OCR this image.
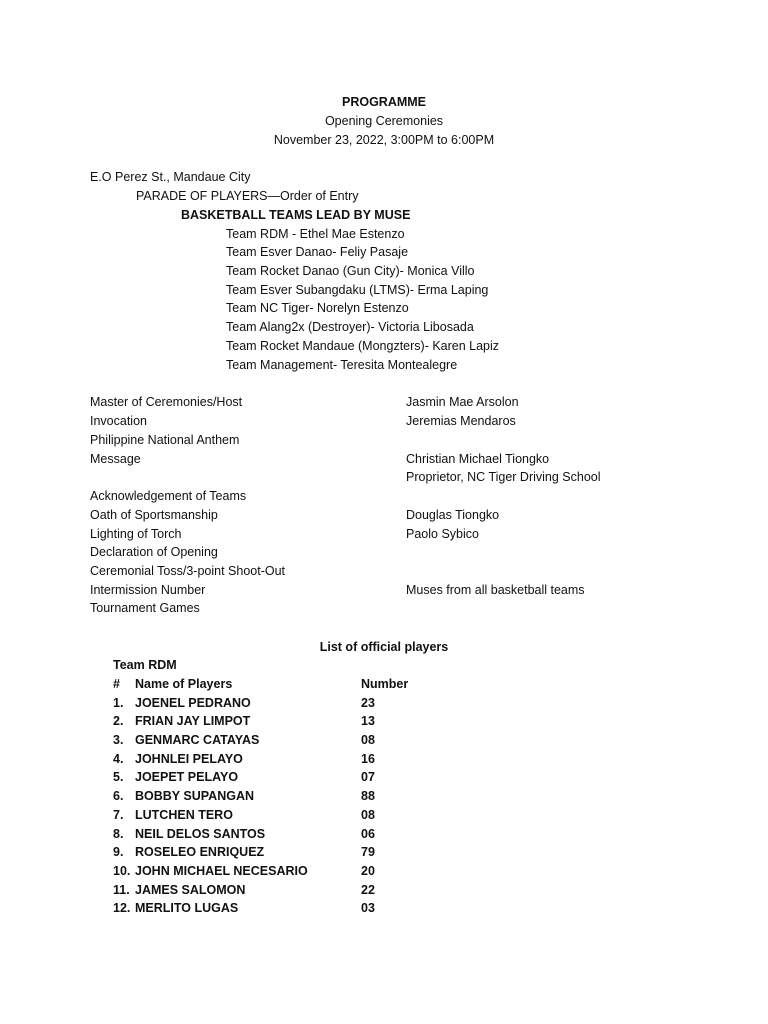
PROGRAMME
Opening Ceremonies
November 23, 2022, 3:00PM to 6:00PM
E.O Perez St., Mandaue City
PARADE OF PLAYERS—Order of Entry
BASKETBALL TEAMS LEAD BY MUSE
Team RDM - Ethel Mae Estenzo
Team Esver Danao- Feliy Pasaje
Team Rocket Danao (Gun City)- Monica Villo
Team Esver Subangdaku (LTMS)- Erma Laping
Team NC Tiger- Norelyn Estenzo
Team Alang2x (Destroyer)- Victoria Libosada
Team Rocket Mandaue (Mongzters)- Karen Lapiz
Team Management- Teresita Montealegre
Master of Ceremonies/Host	Jasmin Mae Arsolon
Invocation	Jeremias Mendaros
Philippine National Anthem
Message	Christian Michael Tiongko
Proprietor, NC Tiger Driving School
Acknowledgement of Teams
Oath of Sportsmanship	Douglas Tiongko
Lighting of Torch	Paolo Sybico
Declaration of Opening
Ceremonial Toss/3-point Shoot-Out
Intermission Number	Muses from all basketball teams
Tournament Games
List of official players
Team RDM
# Name of Players	Number
1. JOENEL PEDRANO	23
2. FRIAN JAY LIMPOT	13
3. GENMARC CATAYAS	08
4. JOHNLEI PELAYO	16
5. JOEPET PELAYO	07
6. BOBBY SUPANGAN	88
7. LUTCHEN TERO	08
8. NEIL DELOS SANTOS	06
9. ROSELEO ENRIQUEZ	79
10. JOHN MICHAEL NECESARIO	20
11. JAMES SALOMON	22
12. MERLITO LUGAS	03
